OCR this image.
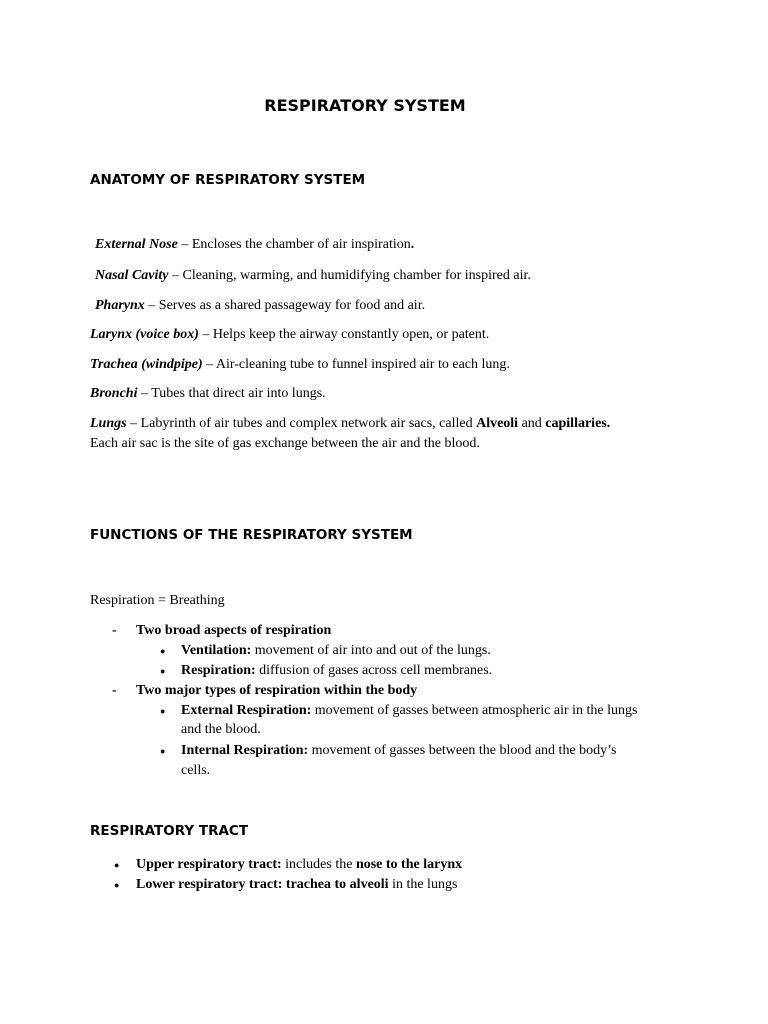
RESPIRATORY SYSTEM
ANATOMY OF RESPIRATORY SYSTEM
External Nose – Encloses the chamber of air inspiration.
Nasal Cavity – Cleaning, warming, and humidifying chamber for inspired air.
Pharynx – Serves as a shared passageway for food and air.
Larynx (voice box) – Helps keep the airway constantly open, or patent.
Trachea (windpipe) – Air-cleaning tube to funnel inspired air to each lung.
Bronchi – Tubes that direct air into lungs.
Lungs – Labyrinth of air tubes and complex network air sacs, called Alveoli and capillaries.
Each air sac is the site of gas exchange between the air and the blood.
FUNCTIONS OF THE RESPIRATORY SYSTEM
Respiration = Breathing
- Two broad aspects of respiration
● Ventilation: movement of air into and out of the lungs.
● Respiration: diffusion of gases across cell membranes.
- Two major types of respiration within the body
● External Respiration: movement of gasses between atmospheric air in the lungs
and the blood.
● Internal Respiration: movement of gasses between the blood and the body’s
cells.
RESPIRATORY TRACT
● Upper respiratory tract: includes the nose to the larynx
● Lower respiratory tract: trachea to alveoli in the lungs
